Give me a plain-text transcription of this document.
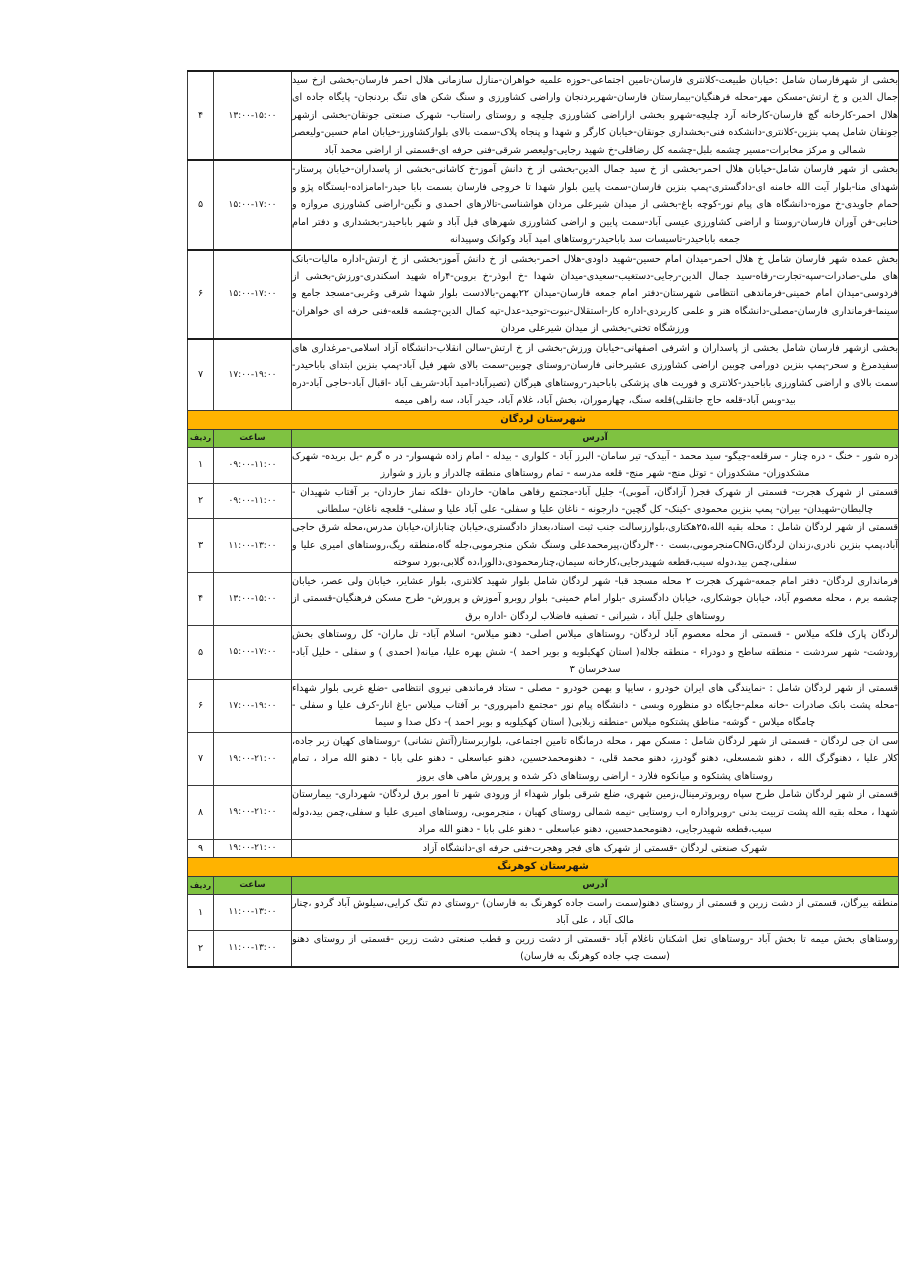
بخشی از شهرفارسان شامل :خیابان طبیعت-کلانتری فارسان-تامین اجتماعی-حوزه علمیه خواهران-منازل سازمانی هلال احمر فارسان-بخشی ازخ سید جمال الدین و خ ارتش-مسکن مهر-محله فرهنگیان-بیمارستان فارسان-شهربردنجان واراضی کشاورزی و سنگ شکن های تنگ بردنجان- پایگاه جاده ای هلال احمر-کارخانه گچ فارسان-کارخانه آرد چلیچه-شهرو بخشی ازاراضی کشاورزی چلیچه و روستای راستاب- شهرک صنعتی جونقان-بخشی ازشهر جونقان شامل پمپ بنزین-کلانتری-دانشکده فنی-بخشداری جونقان-خیابان کارگر و شهدا و پنجاه پلاک-سمت بالای بلوارکشاورز-خیابان امام حسین-ولیعصر شمالی و مرکز مخابرات-مسیر چشمه بلبل-چشمه کل رضاقلی-خ شهید رجایی-ولیعصر شرقی-فنی حرفه ای-قسمتی از اراضی محمد آباد	۱۳:۰۰-۱۵:۰۰	۴
بخشی از شهر فارسان شامل-خیابان هلال احمر-بخشی از خ سید جمال الدین-بخشی از خ دانش آموز-خ کاشانی-بخشی از پاسداران-خیابان پرستار-شهدای منا-بلوار آیت الله خامنه ای-دادگستری-پمپ بنزین فارسان-سمت پایین بلوار شهدا تا خروجی فارسان بسمت بابا حیدر-امامزاده-ایستگاه پژو و حمام جاویدی-خ موزه-دانشگاه های پیام نور-کوچه باغ-بخشی از میدان شیرعلی مردان هواشناسی-تالارهای احمدی و نگین-اراضی کشاورزی مروازه و خنابی-فن آوران فارسان-روستا و اراضی کشاورزی عیسی آباد-سمت پایین و اراضی کشاورزی شهرهای فیل آباد و شهر باباحیدر-بخشداری و دفتر امام جمعه باباحیدر-تاسیسات سد باباحیدر-روستاهای امید آباد وکوانک وسپیدانه	۱۵:۰۰-۱۷:۰۰	۵
بخش عمده شهر فارسان شامل خ هلال احمر-میدان امام حسین-شهید داودی-هلال احمر-بخشی از خ دانش آموز-بخشی از خ ارتش-اداره مالیات-بانک های ملی-صادرات-سپه-تجارت-رفاه-سید جمال الدین-رجایی-دستغیب-سعیدی-میدان شهدا -خ ابوذر-خ بروین-۴راه شهید اسکندری-ورزش-بخشی از فردوسی-میدان امام خمینی-فرماندهی انتظامی شهرستان-دفتر امام جمعه فارسان-میدان ۲۲بهمن-بالادست بلوار شهدا شرقی وغربی-مسجد جامع و سینما-فرمانداری فارسان-مصلی-دانشگاه هنر و علمی کاربردی-اداره کار-استقلال-نبوت-توحید-عدل-تپه کمال الدین-چشمه قلعه-فنی حرفه ای خواهران-ورزشگاه تختی-بخشی از میدان شیرعلی مردان	۱۵:۰۰-۱۷:۰۰	۶
بخشی ازشهر فارسان شامل بخشی از پاسداران و اشرفی اصفهانی-خیابان ورزش-بخشی از خ ارتش-سالن انقلاب-دانشگاه آزاد اسلامی-مرغداری های سفیدمرغ و سحر-پمپ بنزین دورامی چوبین اراضی کشاورزی عشیرخانی فارسان-روستای چوبین-سمت بالای شهر فیل آباد-پمپ بنزین ابتدای باباحیدر-سمت بالای و اراضی کشاورزی باباحیدر-کلانتری و فوریت های پزشکی باباحیدر-روستاهای هیرگان (تصیرآباد-امید آباد-شریف آباد -اقبال آباد-حاجی آباد-دره بید-وبس آباد-قلعه حاج جانقلی)قلعه سنگ، چهارموران، بخش آباد، غلام آباد، حیدر آباد، سه راهی میمه	۱۷:۰۰-۱۹:۰۰	۷
شهرستان لردگان		
آدرس	ساعت	ردیف
دره شور - خنگ - دره چنار - سرقلعه-چیگو- سید محمد - آبیدک- تیر سامان- البرز آباد - کلواری - بیدله - امام زاده شهسوار- در ه گرم -بل بریده- شهرک مشکدوزان- مشکدوزان - توتل منج- شهر منج- قلعه مدرسه - تمام روستاهای منطقه چالدراز و بارز و شوارز	۰۹:۰۰-۱۱:۰۰	۱
قسمتی از شهرک هجرت- قسمتی از شهرک فجر( آزادگان، آموبی)- جلیل آباد-مجتمع رفاهی ماهان- خاردان -فلکه نماز خاردان- بر آفتاب شهیدان - چالبطان-شهیدان- بیران- پمپ بنزین محمودی -کینک- کل گچین- دارجونه - ناغان علیا و سفلی- علی آباد علیا و سفلی- قلعچه ناغان- سلطانی	۰۹:۰۰-۱۱:۰۰	۲
قسمتی از شهر لردگان شامل : محله بقیه الله،۲۵هکتاری،بلوارزسالت جنب ثبت اسناد،بعداز دادگستری،خیابان چنابازان،خیابان مدرس،محله شرق حاجی آباد،پمپ بنزین نادری،زندان لردگان،CNGمنجرموبی،بست ۴۰۰لردگان،پیرمحمدعلی وسنگ شکن منجرموبی،جله گاه،منطقه ریگ،روستاهای امیری علیا و سفلی،چمن بید،دوله سیب،قطعه شهیدرجایی،کارخانه سیمان،چنارمحمودی،دالورا،ده گلابی،بورد سوخته	۱۱:۰۰-۱۳:۰۰	۳
فرمانداری لردگان- دفتر امام جمعه-شهرک هجرت ۲ محله مسجد قبا- شهر لردگان شامل بلوار شهید کلانتری، بلوار عشایر، خیابان ولی عصر، خیابان چشمه برم ، محله معصوم آباد، خیابان جوشکاری، خیابان دادگستری -بلوار امام خمینی- بلوار روبرو آموزش و پرورش- طرح مسکن فرهنگیان-قسمتی از روستاهای جلیل آباد ، شیرانی - تصفیه فاضلاب لردگان -اداره برق	۱۳:۰۰-۱۵:۰۰	۴
لردگان پارک فلکه میلاس - قسمتی از محله معصوم آباد لردگان- روستاهای میلاس اصلی- دهنو میلاس- اسلام آباد- تل ماران- کل روستاهای بخش رودشت- شهر سردشت - منطقه ساطح و دودراء - منطقه جلاله( استان کهکیلویه و بویر احمد )- شش بهره علیا، میانه( احمدی ) و سفلی - خلیل آباد- سدخرسان ۳	۱۵:۰۰-۱۷:۰۰	۵
قسمتی از شهر لردگان شامل : -نمایندگی های ایران خودرو ، سایپا و بهمن خودرو - مصلی - ستاد فرماندهی نیروی انتظامی -ضلع غربی بلوار شهداء -محله پشت بانک صادرات -خانه معلم-جایگاه دو منظوره وبسی - دانشگاه پیام نور -مجتمع دامپروری- بر آفتاب میلاس -باغ انار-کرف علیا و سفلی - چامگاه میلاس - گوشه- مناطق پشتکوه میلاس -منطقه زبلابی( استان کهکیلویه و بویر احمد )- دکل صدا و سیما	۱۷:۰۰-۱۹:۰۰	۶
سی ان جی لردگان - قسمتی از شهر لردگان شامل : مسکن مهر ، محله درمانگاه تامین اجتماعی، بلواربرستار(آتش نشانی) -روستاهای کهیان زبر جاده، کلار علیا ، دهنوگرگ الله ، دهنو شمسعلی، دهنو گودرز، دهنو محمد قلی، - دهنومحمدحسین، دهنو عباسعلی - دهنو علی بابا - دهنو الله مراد ، تمام روستاهای پشتکوه و میانکوه فلارد - اراضی روستاهای ذکر شده و پرورش ماهی های بروز	۱۹:۰۰-۲۱:۰۰	۷
قسمتی از شهر لردگان شامل طرح سپاه روبروترمینال،زمین شهری، ضلع شرقی بلوار شهداء از ورودی شهر تا امور برق لردگان- شهرداری- بیمارستان شهدا ، محله بقیه الله پشت تربیت بدنی -روبرواداره اب روستایی -نیمه شمالی روستای کهیان ، منجرموبی، روستاهای امیری علیا و سفلی،چمن بید،دوله سیب،قطعه شهیدرجایی، دهنومحمدحسین، دهنو عباسعلی - دهنو علی بابا - دهنو الله مراد	۱۹:۰۰-۲۱:۰۰	۸
شهرک صنعتی لردگان -قسمتی از شهرک های فجر وهجرت-فنی حرفه ای-دانشگاه آزاد	۱۹:۰۰-۲۱:۰۰	۹
شهرستان کوهرنگ		
آدرس	ساعت	ردیف
منطقه بیرگان، قسمتی از دشت زرین و قسمتی از روستای دهنو(سمت راست جاده کوهرنگ به فارسان) -روستای دم تنگ کرایی،سیلوش آباد گردو ،چنار مالک آباد ، علی آباد	۱۱:۰۰-۱۳:۰۰	۱
روستاهای بخش میمه تا بخش آباد -روستاهای تعل اشکنان ناغلام آباد -قسمتی از دشت زرین و قطب صنعتی دشت زرین -قسمتی از روستای دهنو (سمت چپ جاده کوهرنگ به فارسان)	۱۱:۰۰-۱۳:۰۰	۲
